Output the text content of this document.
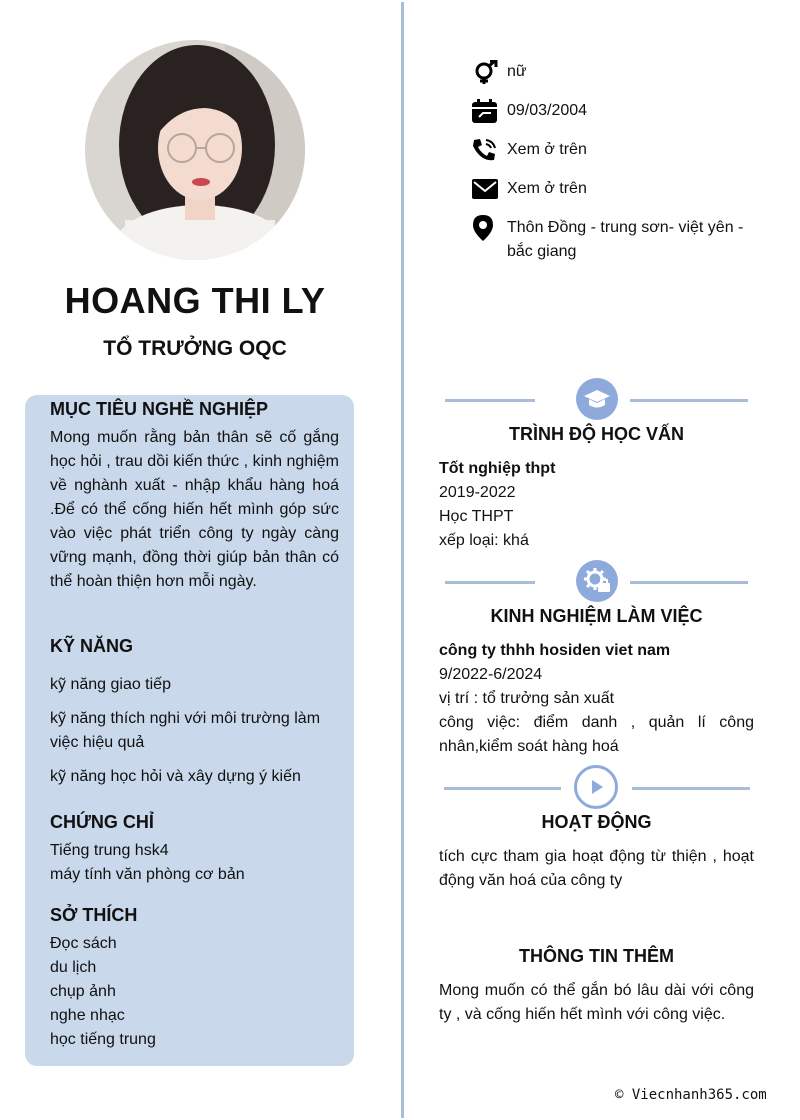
HOANG THI LY
TỔ TRƯỞNG OQC
MỤC TIÊU NGHỀ NGHIỆP
Mong muốn rằng bản thân sẽ cố gắng học hỏi , trau dồi kiến thức , kinh nghiệm về nghành xuất - nhập khẩu hàng hoá .Để có thể cống hiến hết mình góp sức vào việc phát triển công ty ngày càng vững mạnh, đồng thời giúp bản thân có thể hoàn thiện hơn mỗi ngày.
KỸ NĂNG
kỹ năng giao tiếp
kỹ năng thích nghi với môi trường làm việc hiệu quả
kỹ năng học hỏi và xây dựng ý kiến
CHỨNG CHỈ
Tiếng trung hsk4
máy tính văn phòng cơ bản
SỞ THÍCH
Đọc sách
du lịch
chụp ảnh
nghe nhạc
học tiếng trung
nữ
09/03/2004
Xem ở trên
Xem ở trên
Thôn Đồng - trung sơn- việt yên - bắc giang
TRÌNH ĐỘ HỌC VẤN
Tốt nghiệp thpt
2019-2022
Học THPT
xếp loại: khá
KINH NGHIỆM LÀM VIỆC
công ty thhh hosiden viet nam
9/2022-6/2024
vị trí : tổ trưởng sản xuất
công việc: điểm danh , quản lí công nhân,kiểm soát hàng hoá
HOẠT ĐỘNG
tích cực tham gia hoạt động từ thiện , hoạt động văn hoá của công ty
THÔNG TIN THÊM
Mong muốn có thể gắn bó lâu dài với công ty , và cống hiến hết mình với công việc.
© Viecnhanh365.com
